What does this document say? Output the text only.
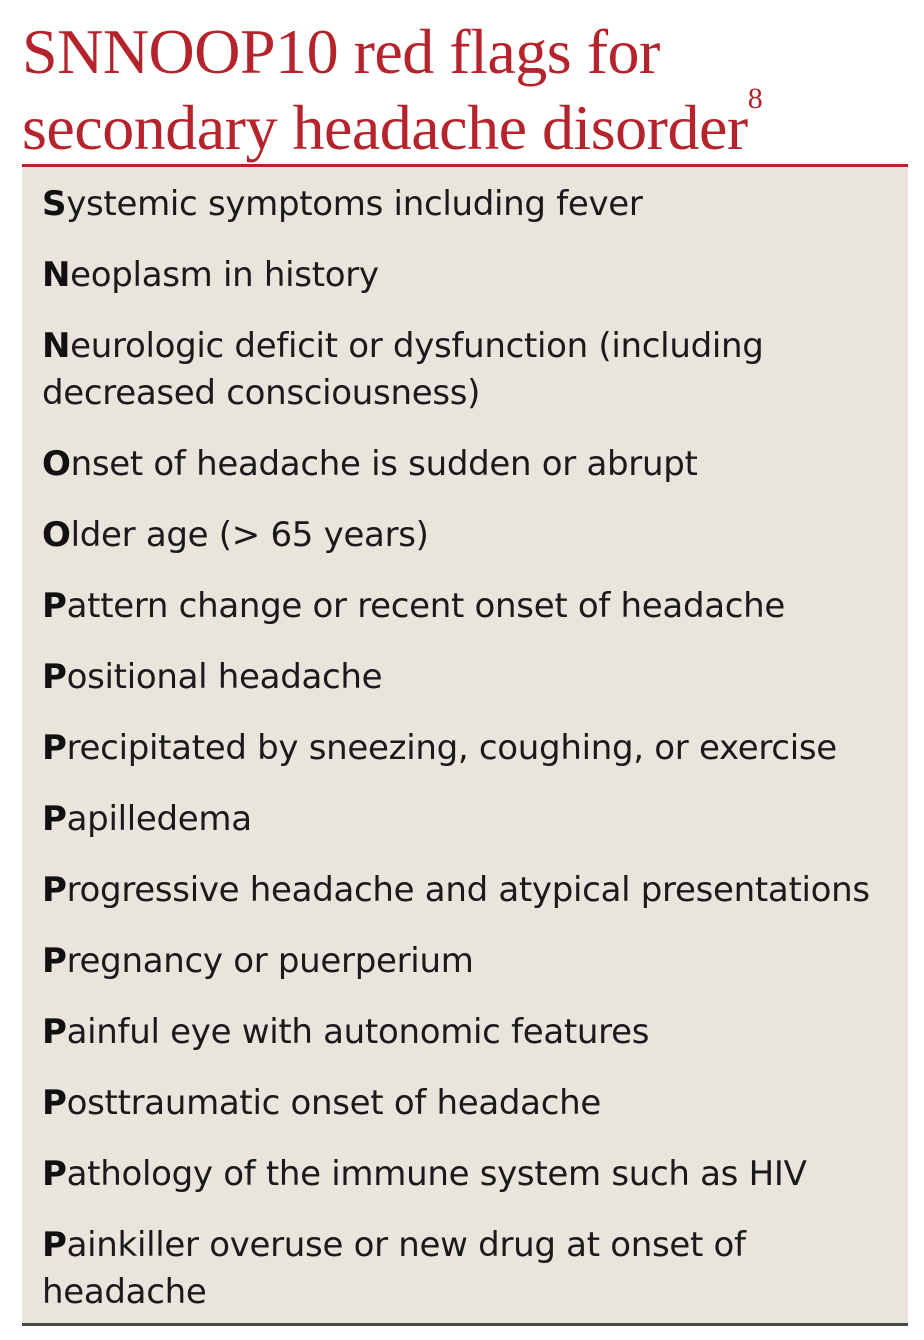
SNNOOP10 red flags for secondary headache disorder$^8$
Systemic symptoms including fever
Neoplasm in history
Neurologic deficit or dysfunction (including decreased consciousness)
Onset of headache is sudden or abrupt
Older age (> 65 years)
Pattern change or recent onset of headache
Positional headache
Precipitated by sneezing, coughing, or exercise
Papilledema
Progressive headache and atypical presentations
Pregnancy or puerperium
Painful eye with autonomic features
Posttraumatic onset of headache
Pathology of the immune system such as HIV
Painkiller overuse or new drug at onset of headache
